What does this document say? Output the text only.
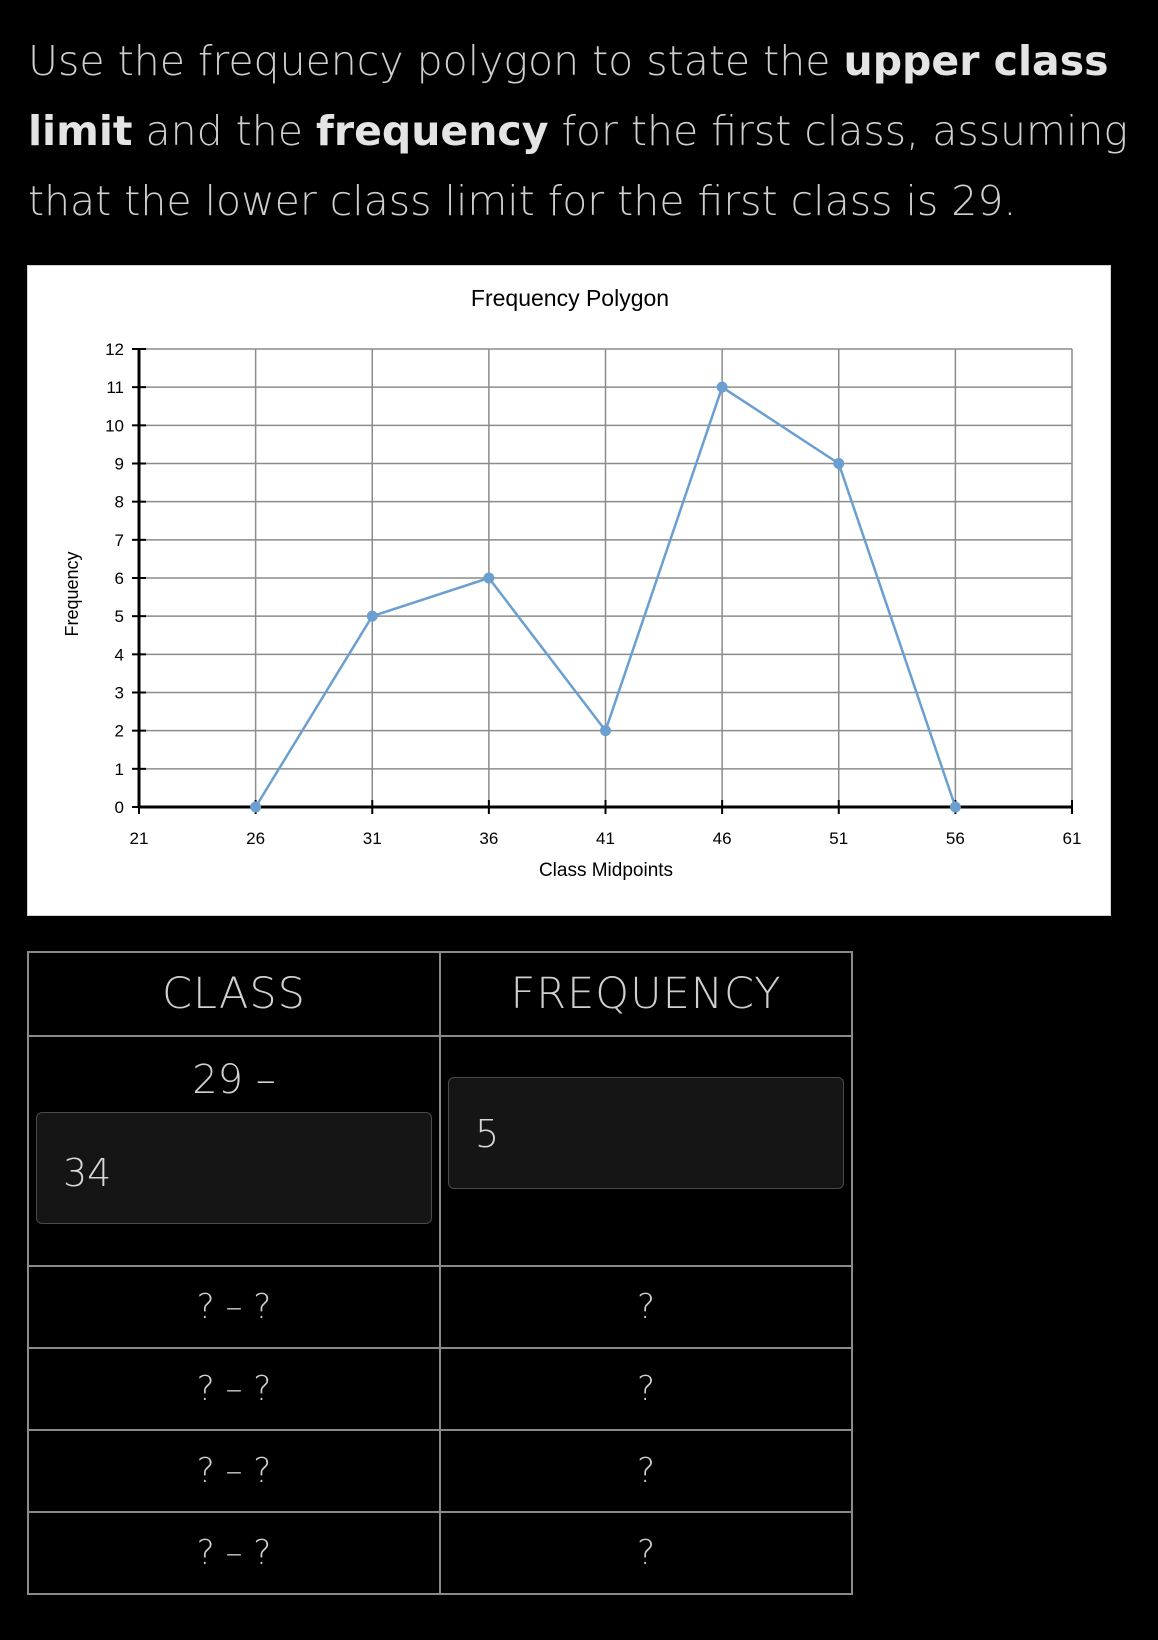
Use the frequency polygon to state the upper class limit and the frequency for the first class, assuming that the lower class limit for the first class is 29.

0
1
2
3
4
5
6
7
8
9
10
11
12
21	26	31	36	41	46	51	56	61
Frequency Polygon
Class Midpoints
Frequency
CLASS	FREQUENCY

29 –
34	5

? – ?	?
? – ?	?
? – ?	?
? – ?	?
